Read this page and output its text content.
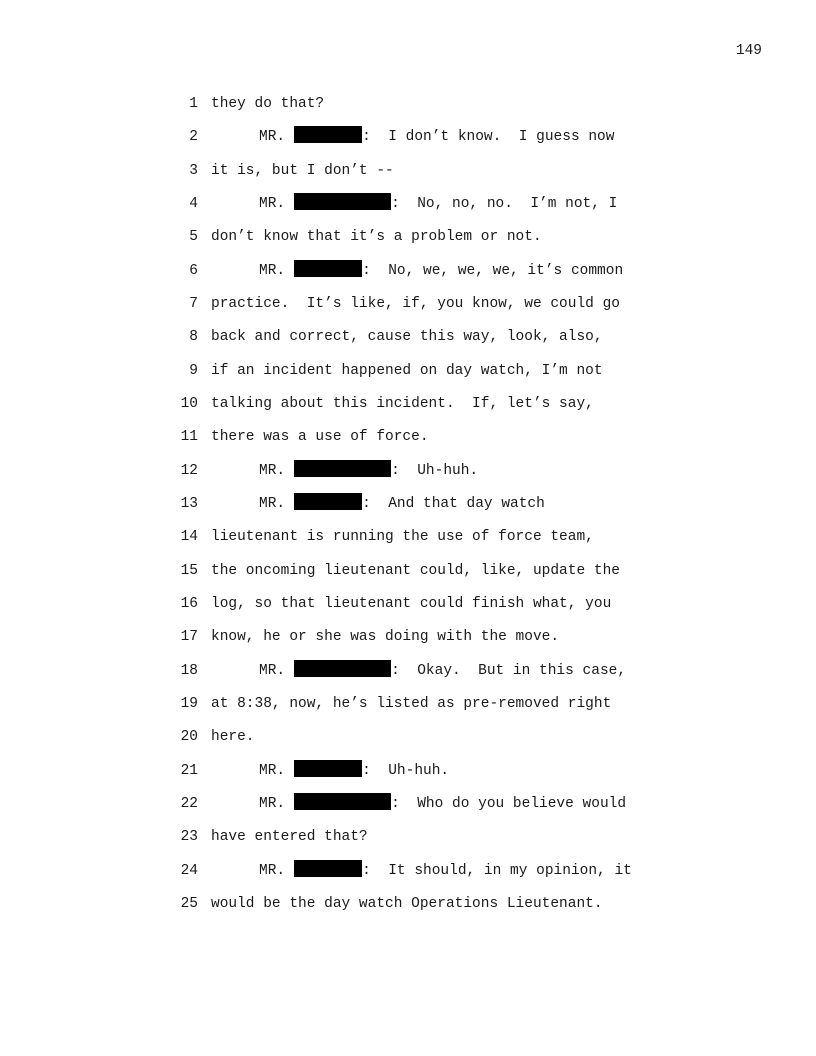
149
1 they do that?
2	MR.	:  I don’t know.  I guess now
3 it is, but I don’t --
4	MR.	:  No, no, no.  I’m not, I
5 don’t know that it’s a problem or not.
6	MR.	:  No, we, we, we, it’s common
7 practice.  It’s like, if, you know, we could go
8 back and correct, cause this way, look, also,
9 if an incident happened on day watch, I’m not
10 talking about this incident.  If, let’s say,
11 there was a use of force.
12	MR.	:  Uh-huh.
13	MR.	:  And that day watch
14 lieutenant is running the use of force team,
15 the oncoming lieutenant could, like, update the
16 log, so that lieutenant could finish what, you
17 know, he or she was doing with the move.
18	MR.	:  Okay.  But in this case,
19 at 8:38, now, he’s listed as pre-removed right
20 here.
21	MR.	:  Uh-huh.
22	MR.	:  Who do you believe would
23 have entered that?
24	MR.	:  It should, in my opinion, it
25 would be the day watch Operations Lieutenant.
